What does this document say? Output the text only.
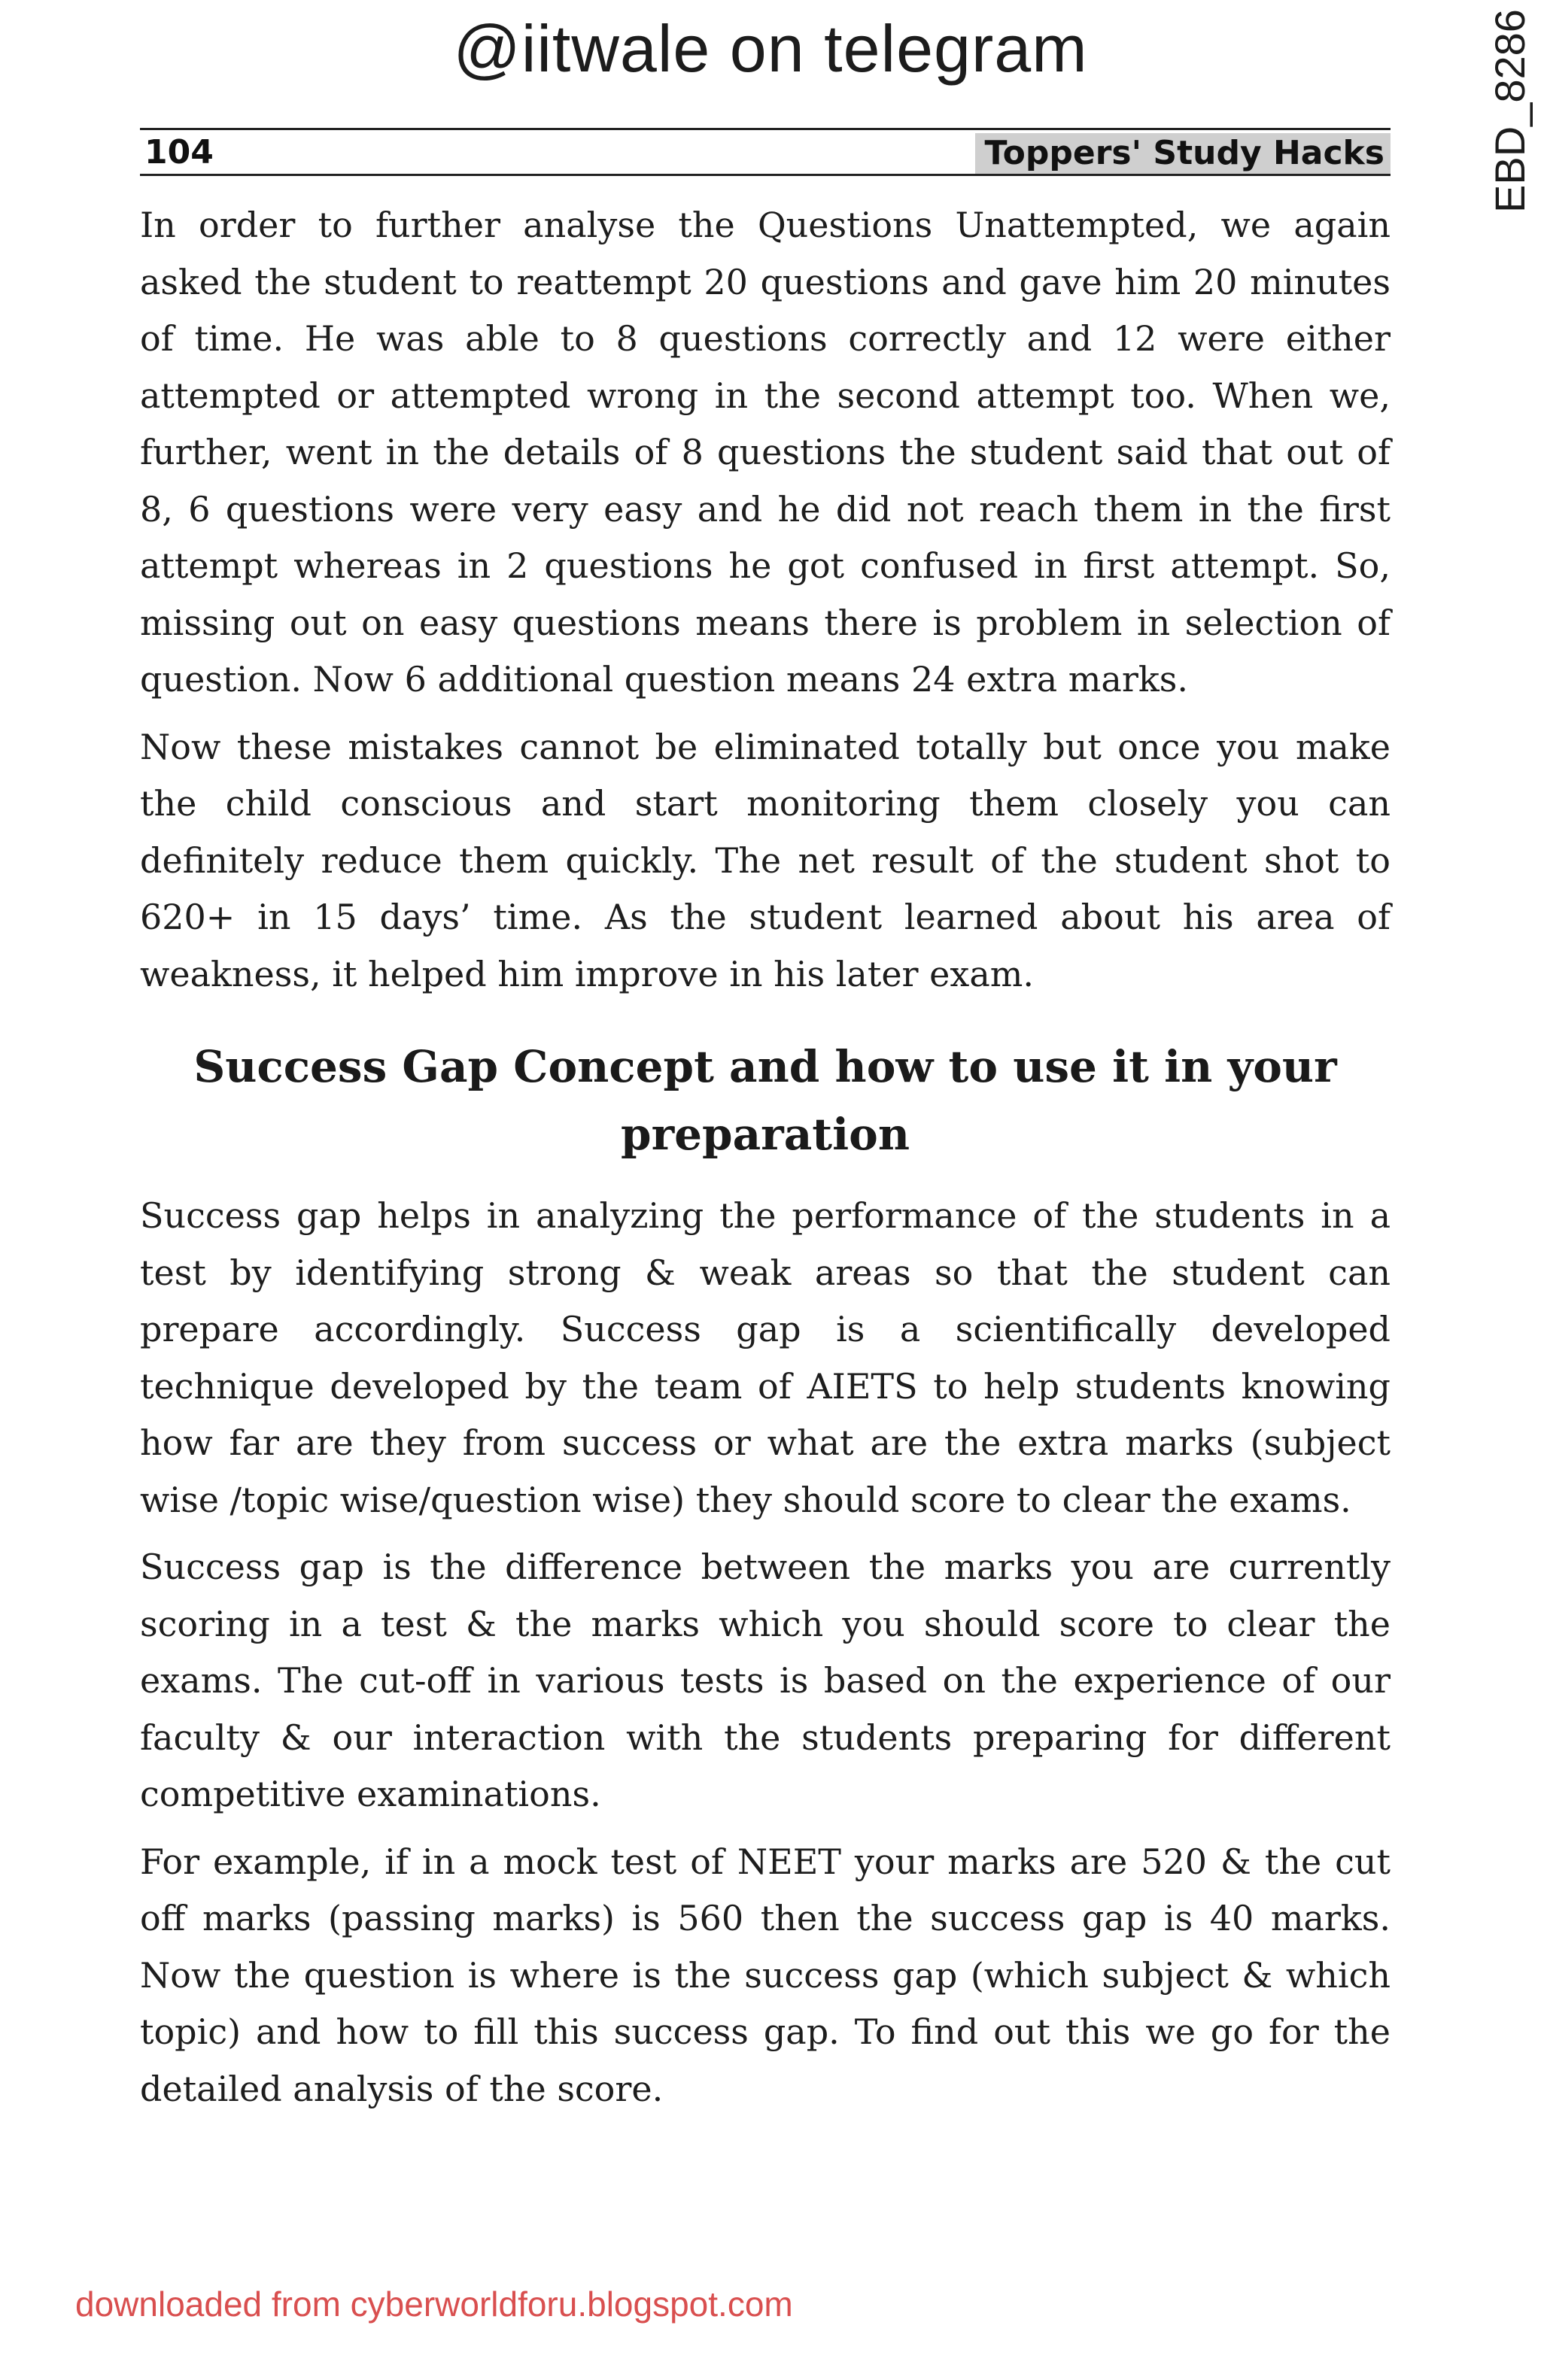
@iitwale on telegram	EBD_8286
104	Toppers' Study Hacks

In order to further analyse the Questions Unattempted, we again asked the student to reattempt 20 questions and gave him 20 minutes of time. He was able to 8 questions correctly and 12 were either attempted or attempted wrong in the second attempt too. When we, further, went in the details of 8 questions the student said that out of 8, 6 questions were very easy and he did not reach them in the first attempt whereas in 2 questions he got confused in first attempt. So, missing out on easy questions means there is problem in selection of question. Now 6 additional question means 24 extra marks.

Now these mistakes cannot be eliminated totally but once you make the child conscious and start monitoring them closely you can definitely reduce them quickly. The net result of the student shot to 620+ in 15 days’ time. As the student learned about his area of weakness, it helped him improve in his later exam.

Success Gap Concept and how to use it in your preparation

Success gap helps in analyzing the performance of the students in a test by identifying strong & weak areas so that the student can prepare accordingly. Success gap is a scientifically developed technique developed by the team of AIETS to help students knowing how far are they from success or what are the extra marks (subject wise /topic wise/question wise) they should score to clear the exams.

Success gap is the difference between the marks you are currently scoring in a test & the marks which you should score to clear the exams. The cut-off in various tests is based on the experience of our faculty & our interaction with the students preparing for different competitive examinations.

For example, if in a mock test of NEET your marks are 520 & the cut off marks (passing marks) is 560 then the success gap is 40 marks. Now the question is where is the success gap (which subject & which topic) and how to fill this success gap. To find out this we go for the detailed analysis of the score.

downloaded from cyberworldforu.blogspot.com
